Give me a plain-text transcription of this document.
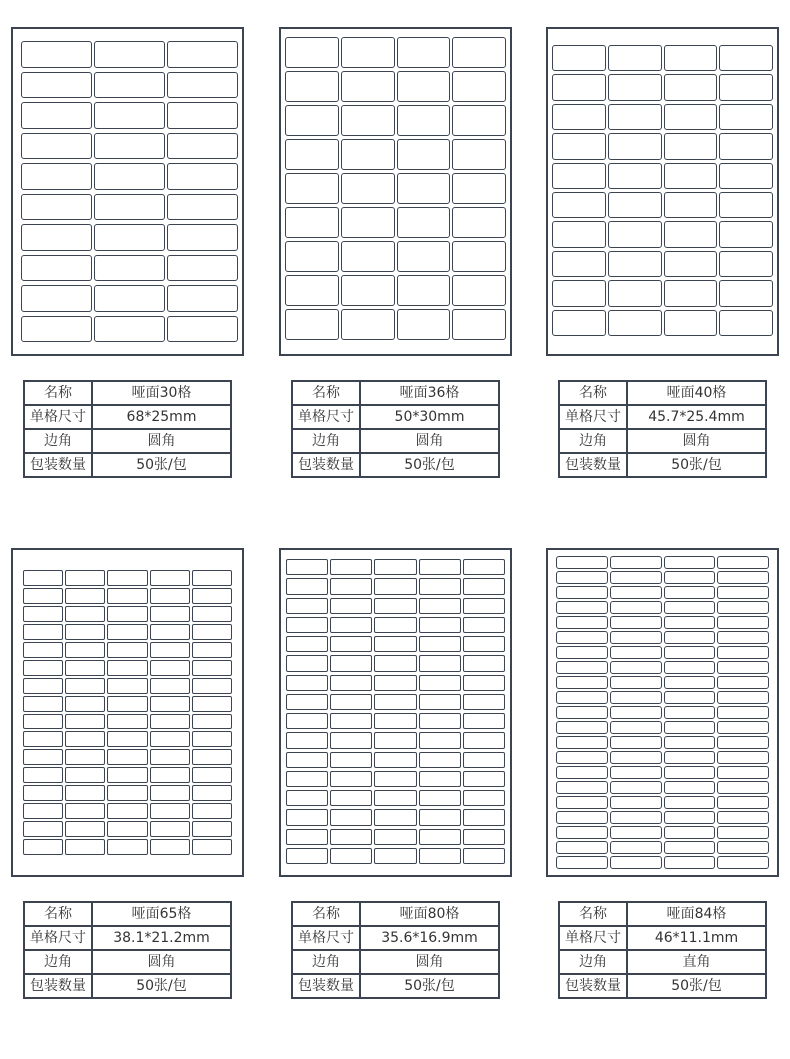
名称	哑面30格
单格尺寸	68*25mm
边角	圆角
包装数量	50张/包
名称	哑面36格
单格尺寸	50*30mm
边角	圆角
包装数量	50张/包
名称	哑面40格
单格尺寸	45.7*25.4mm
边角	圆角
包装数量	50张/包
名称	哑面65格
单格尺寸	38.1*21.2mm
边角	圆角
包装数量	50张/包
名称	哑面80格
单格尺寸	35.6*16.9mm
边角	圆角
包装数量	50张/包
名称	哑面84格
单格尺寸	46*11.1mm
边角	直角
包装数量	50张/包
